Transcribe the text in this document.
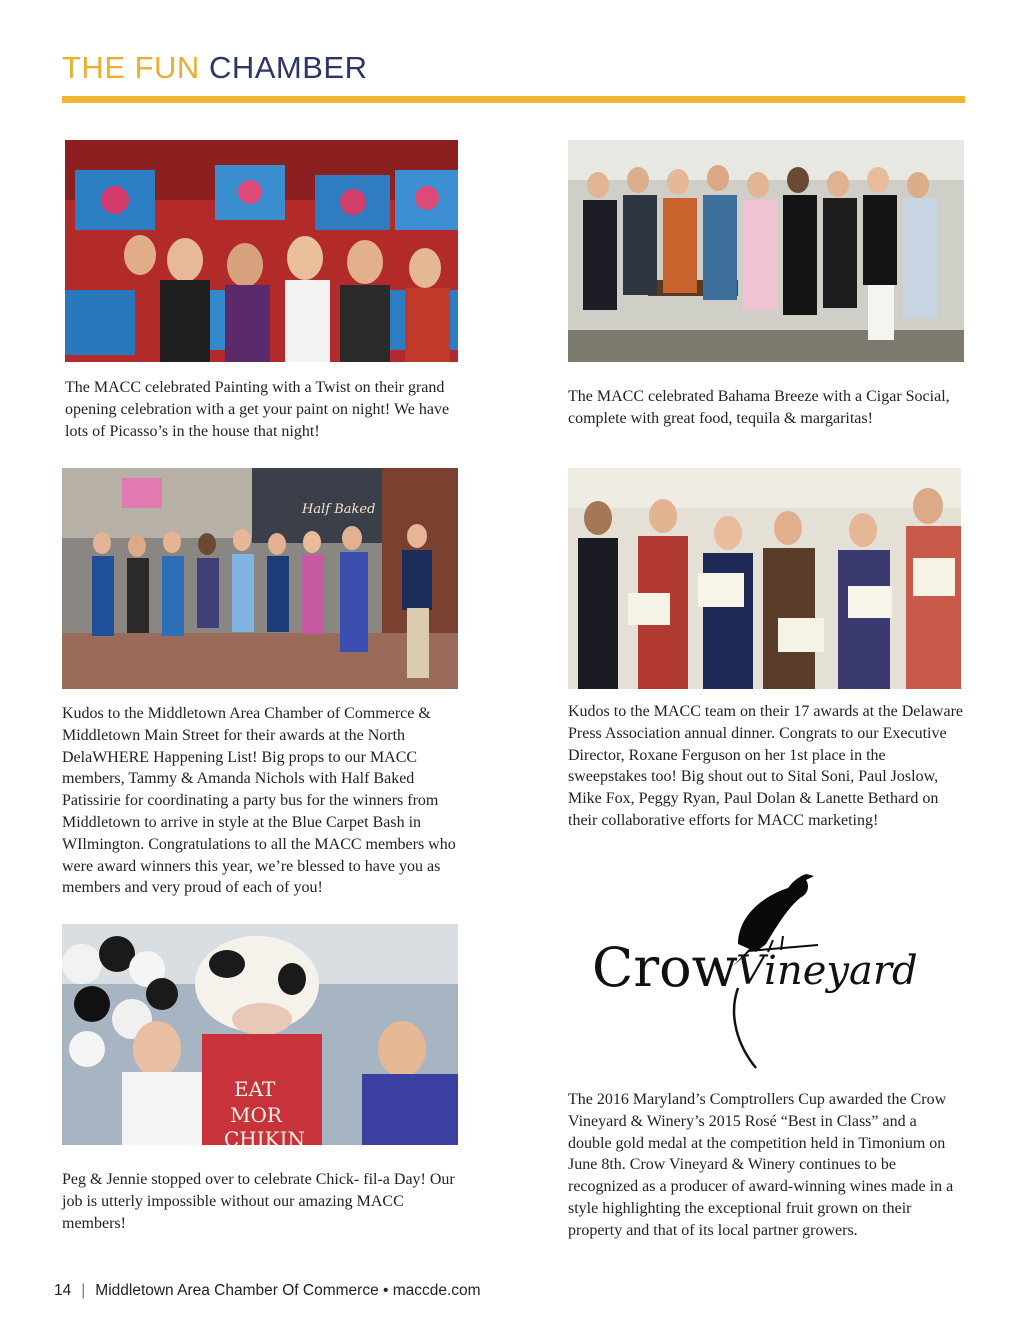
THE FUN CHAMBER

The MACC celebrated Painting with a Twist on their grand opening celebration with a get your paint on night! We have lots of Picasso’s in the house that night!

The MACC celebrated Bahama Breeze with a Cigar Social, complete with great food, tequila & margaritas!

Half Baked

Kudos to the Middletown Area Chamber of Commerce & Middletown Main Street for their awards at the North DelaWHERE Happening List! Big props to our MACC members, Tammy & Amanda Nichols with Half Baked Patissirie for coordinating a party bus for the winners from Middletown to arrive in style at the Blue Carpet Bash in WIlmington. Congratulations to all the MACC members who were award winners this year, we’re blessed to have you as members and very proud of each of you!

Kudos to the MACC team on their 17 awards at the Delaware Press Association annual dinner. Congrats to our Executive Director, Roxane Ferguson on her 1st place in the sweepstakes too! Big shout out to Sital Soni, Paul Joslow, Mike Fox, Peggy Ryan, Paul Dolan & Lanette Bethard on their collaborative efforts for MACC marketing!

EAT
MOR
CHIKIN

Peg & Jennie stopped over to celebrate Chick- fil-a Day! Our job is utterly impossible without our amazing MACC members!

Crow
Vineyard

The 2016 Maryland’s Comptrollers Cup awarded the Crow Vineyard & Winery’s 2015 Rosé “Best in Class” and a double gold medal at the competition held in Timonium on June 8th. Crow Vineyard & Winery continues to be recognized as a producer of award-winning wines made in a style highlighting the exceptional fruit grown on their property and that of its local partner growers.

14 | Middletown Area Chamber Of Commerce • maccde.com
